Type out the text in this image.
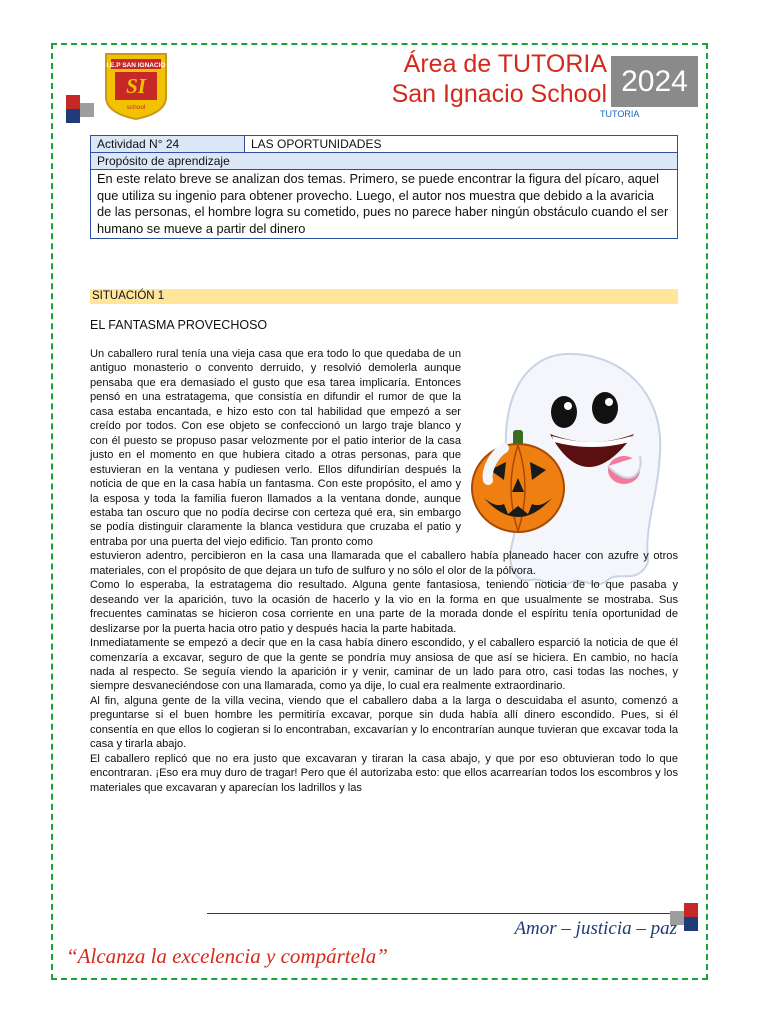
I.E.P SAN IGNACIO
SI
school
Área de TUTORIA
San Ignacio School 2024
TUTORIA
Actividad N° 24	LAS OPORTUNIDADES
Propósito de aprendizaje
En este relato breve se analizan dos temas. Primero, se puede encontrar la figura del pícaro, aquel que utiliza su ingenio para obtener provecho. Luego, el autor nos muestra que debido a la avaricia de las personas, el hombre logra su cometido, pues no parece haber ningún obstáculo cuando el ser humano se mueve a partir del dinero
SITUACIÓN 1
EL FANTASMA PROVECHOSO

Un caballero rural tenía una vieja casa que era todo lo que quedaba de un antiguo monasterio o convento derruido, y resolvió demolerla aunque pensaba que era demasiado el gusto que esa tarea implicaría. Entonces pensó en una estratagema, que consistía en difundir el rumor de que la casa estaba encantada, e hizo esto con tal habilidad que empezó a ser creído por todos. Con ese objeto se confeccionó un largo traje blanco y con él puesto se propuso pasar velozmente por el patio interior de la casa justo en el momento en que hubiera citado a otras personas, para que estuvieran en la ventana y pudiesen verlo. Ellos difundirían después la noticia de que en la casa había un fantasma. Con este propósito, el amo y la esposa y toda la familia fueron llamados a la ventana donde, aunque estaba tan oscuro que no podía decirse con certeza qué era, sin embargo se podía distinguir claramente la blanca vestidura que cruzaba el patio y entraba por una puerta del viejo edificio. Tan pronto como

estuvieron adentro, percibieron en la casa una llamarada que el caballero había planeado hacer con azufre y otros materiales, con el propósito de que dejara un tufo de sulfuro y no sólo el olor de la pólvora.

Como lo esperaba, la estratagema dio resultado. Alguna gente fantasiosa, teniendo noticia de lo que pasaba y deseando ver la aparición, tuvo la ocasión de hacerlo y la vio en la forma en que usualmente se mostraba. Sus frecuentes caminatas se hicieron cosa corriente en una parte de la morada donde el espíritu tenía oportunidad de deslizarse por la puerta hacia otro patio y después hacia la parte habitada.

Inmediatamente se empezó a decir que en la casa había dinero escondido, y el caballero esparció la noticia de que él comenzaría a excavar, seguro de que la gente se pondría muy ansiosa de que así se hiciera. En cambio, no hacía nada al respecto. Se seguía viendo la aparición ir y venir, caminar de un lado para otro, casi todas las noches, y siempre desvaneciéndose con una llamarada, como ya dije, lo cual era realmente extraordinario.

Al fin, alguna gente de la villa vecina, viendo que el caballero daba a la larga o descuidaba el asunto, comenzó a preguntarse si el buen hombre les permitiría excavar, porque sin duda había allí dinero escondido. Pues, si él consentía en que ellos lo cogieran si lo encontraban, excavarían y lo encontrarían aunque tuvieran que excavar toda la casa y tirarla abajo.

El caballero replicó que no era justo que excavaran y tiraran la casa abajo, y que por eso obtuvieran todo lo que encontraran. ¡Eso era muy duro de tragar! Pero que él autorizaba esto: que ellos acarrearían todos los escombros y los materiales que excavaran y aparecían los ladrillos y las

Amor – justicia – paz
“Alcanza la excelencia y compártela”
